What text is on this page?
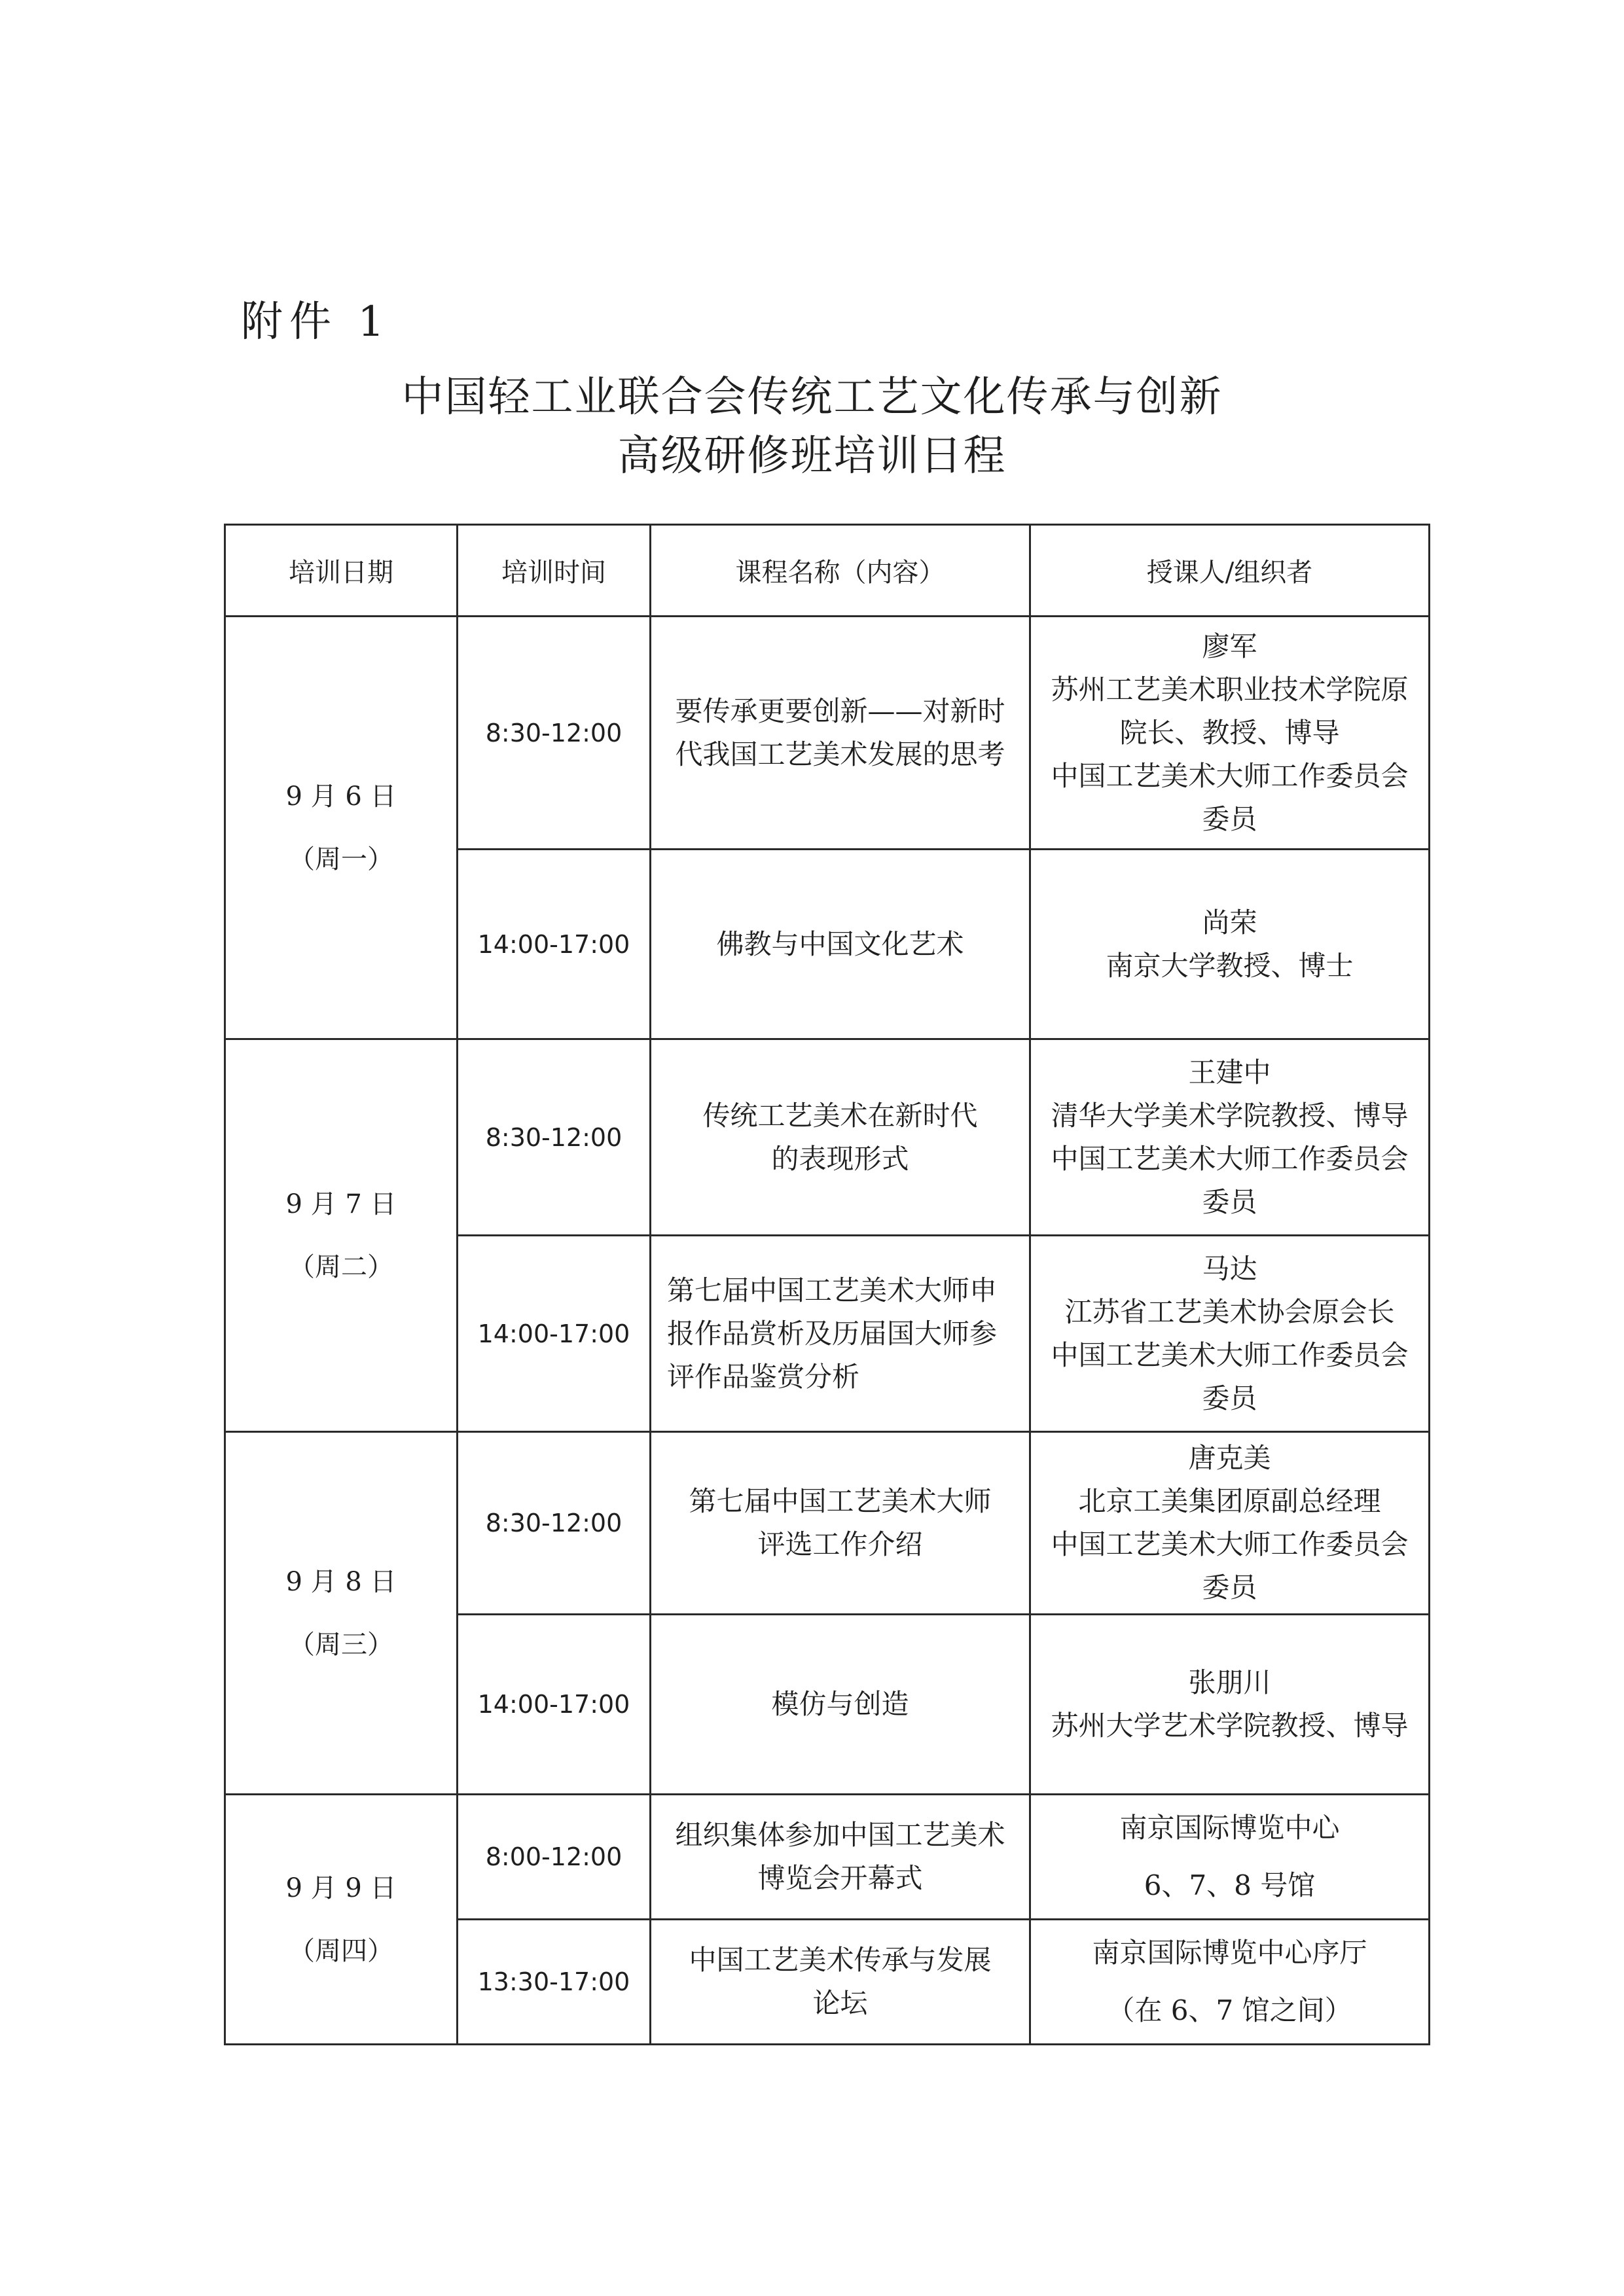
附件 1
中国轻工业联合会传统工艺文化传承与创新
高级研修班培训日程
培训日期	培训时间	课程名称（内容）	授课人/组织者

9 月 6 日
（周一）	8:30-12:00	要传承更要创新——对新时
代我国工艺美术发展的思考	廖军
苏州工艺美术职业技术学院原
院长、教授、博导
中国工艺美术大师工作委员会
委员

	14:00-17:00	佛教与中国文化艺术	尚荣
南京大学教授、博士

9 月 7 日
（周二）	8:30-12:00	传统工艺美术在新时代
的表现形式	王建中
清华大学美术学院教授、博导
中国工艺美术大师工作委员会
委员

	14:00-17:00	第七届中国工艺美术大师申
报作品赏析及历届国大师参
评作品鉴赏分析	马达
江苏省工艺美术协会原会长
中国工艺美术大师工作委员会
委员

9 月 8 日
（周三）	8:30-12:00	第七届中国工艺美术大师
评选工作介绍	唐克美
北京工美集团原副总经理
中国工艺美术大师工作委员会
委员

	14:00-17:00	模仿与创造	张朋川
苏州大学艺术学院教授、博导

9 月 9 日
（周四）	8:00-12:00	组织集体参加中国工艺美术
博览会开幕式	南京国际博览中心
6、7、8 号馆

	13:30-17:00	中国工艺美术传承与发展
论坛	南京国际博览中心序厅
（在 6、7 馆之间）
